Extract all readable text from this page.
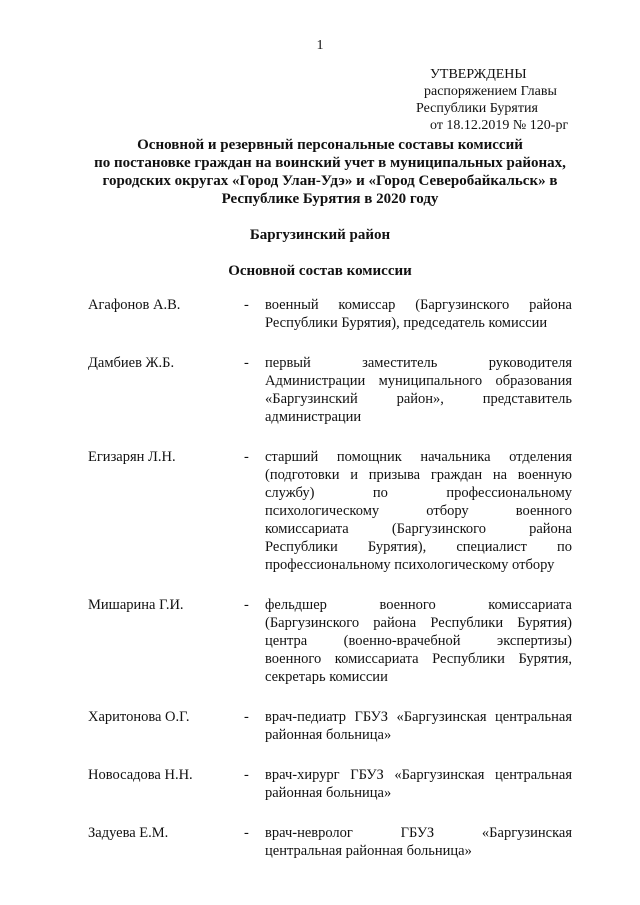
1
УТВЕРЖДЕНЫ
распоряжением Главы
Республики Бурятия
от 18.12.2019 № 120-рг
Основной и резервный персональные составы комиссий
по постановке граждан на воинский учет в муниципальных районах,
городских округах «Город Улан-Удэ» и «Город Северобайкальск» в
Республике Бурятия в 2020 году
Баргузинский район
Основной состав комиссии
Агафонов А.В.	- военный комиссар (Баргузинского района
Республики Бурятия), председатель комиссии
Дамбиев Ж.Б.	- первый заместитель руководителя
Администрации муниципального образования
«Баргузинский район», представитель
администрации
Егизарян Л.Н.	- старший помощник начальника отделения
(подготовки и призыва граждан на военную
службу) по профессиональному
психологическому отбору военного
комиссариата (Баргузинского района
Республики Бурятия), специалист по
профессиональному психологическому отбору
Мишарина Г.И.	- фельдшер военного комиссариата
(Баргузинского района Республики Бурятия)
центра (военно-врачебной экспертизы)
военного комиссариата Республики Бурятия,
секретарь комиссии
Харитонова О.Г.	- врач-педиатр ГБУЗ «Баргузинская центральная
районная больница»
Новосадова Н.Н.	- врач-хирург ГБУЗ «Баргузинская центральная
районная больница»
Задуева Е.М.	- врач-невролог ГБУЗ «Баргузинская
центральная районная больница»
